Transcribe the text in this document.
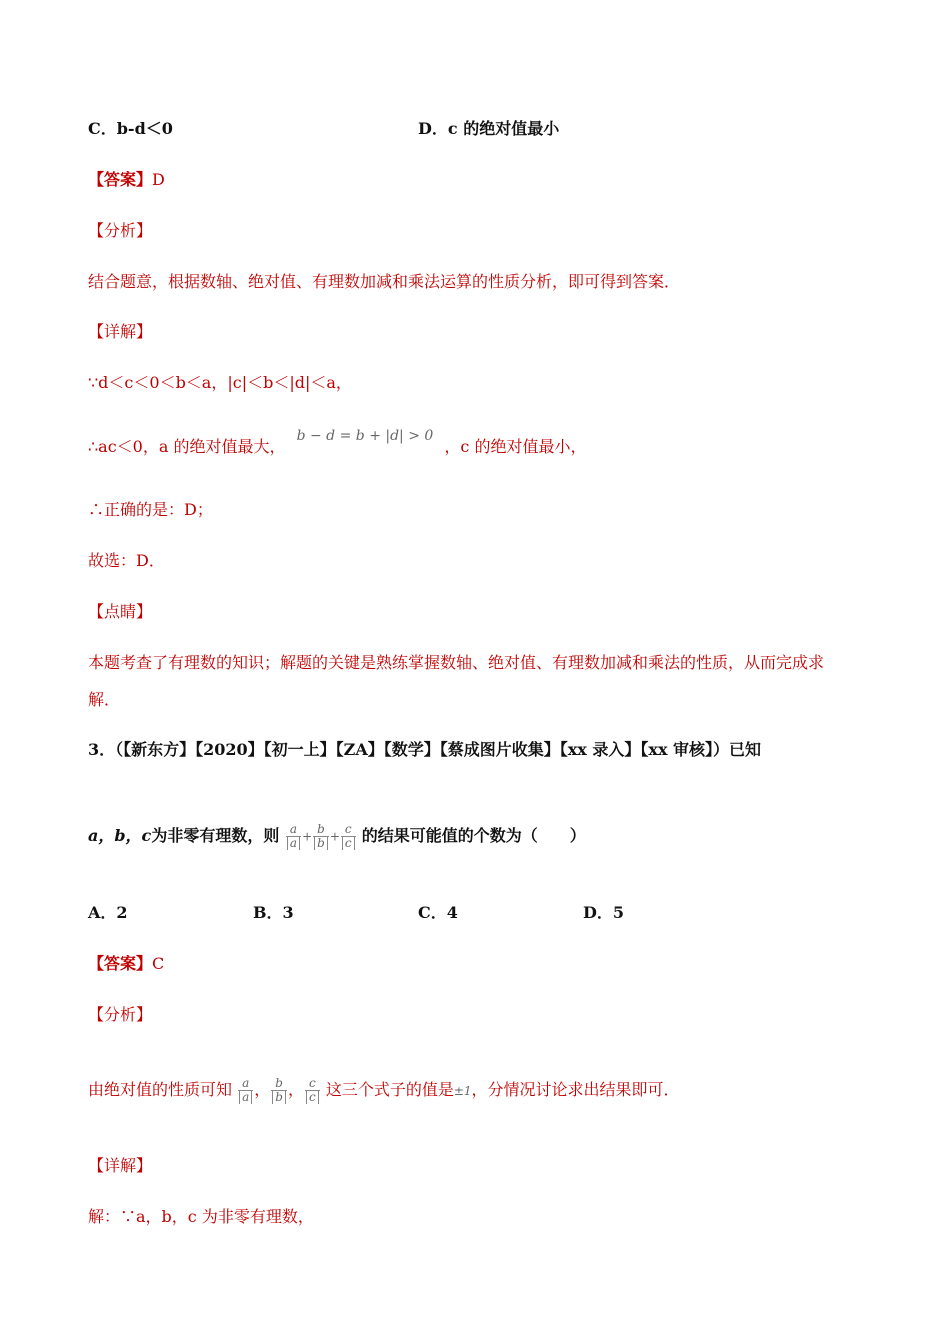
C．b-d＜0	D．c 的绝对值最小
【答案】D
【分析】
结合题意，根据数轴、绝对值、有理数加减和乘法运算的性质分析，即可得到答案．
【详解】
∵d＜c＜0＜b＜a，|c|＜b＜|d|＜a，
∴ac＜0，a 的绝对值最大， b − d = b + |d| > 0 ，c 的绝对值最小，
∴正确的是：D；
故选：D．
【点睛】
本题考查了有理数的知识；解题的关键是熟练掌握数轴、绝对值、有理数加减和乘法的性质，从而完成求
解．
3．（【新东方】【2020】【初一上】【ZA】【数学】【蔡成图片收集】【xx 录入】【xx 审核】）已知
a，b，c为非零有理数，则 $\frac{a}{a} + \frac{b}{b} + \frac{c}{c}$ 的结果可能值的个数为（　　）
A．2	B．3	C．4	D．5
【答案】C
【分析】
由绝对值的性质可知 $\frac{a}{a}$ ， $\frac{b}{b}$ ， $\frac{c}{c}$ 这三个式子的值是±1，分情况讨论求出结果即可．
【详解】
解：∵a，b，c 为非零有理数，
